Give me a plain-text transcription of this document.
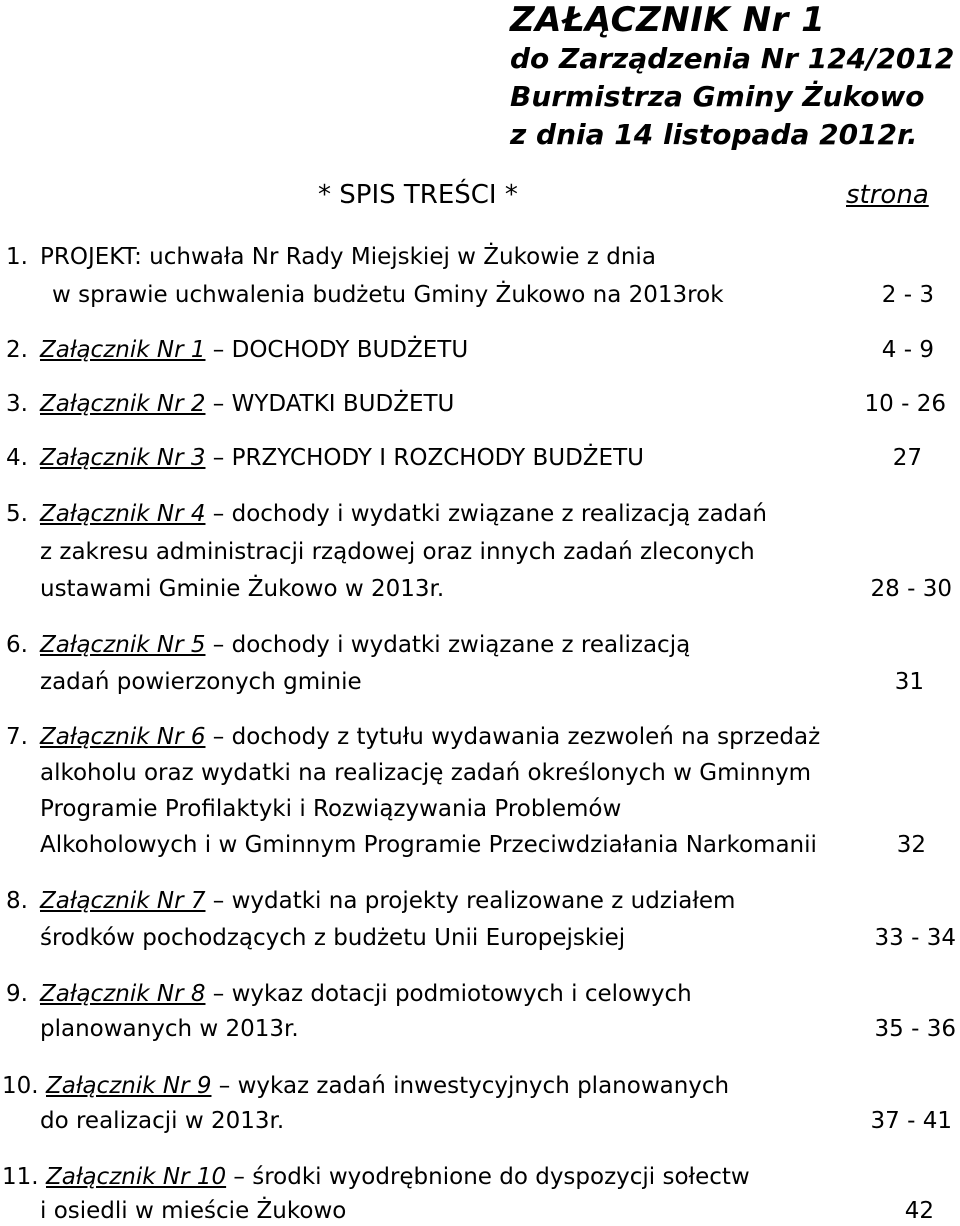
ZAŁĄCZNIK Nr 1
do Zarządzenia Nr 124/2012
Burmistrza Gminy Żukowo
z dnia 14 listopada 2012r.
* SPIS TREŚCI *	strona
1. PROJEKT: uchwała Nr Rady Miejskiej w Żukowie z dnia
w sprawie uchwalenia budżetu Gminy Żukowo na 2013rok	2 - 3
2. Załącznik Nr 1 – DOCHODY BUDŻETU	4 - 9
3. Załącznik Nr 2 – WYDATKI BUDŻETU	10 - 26
4. Załącznik Nr 3 – PRZYCHODY I ROZCHODY BUDŻETU	27
5. Załącznik Nr 4 – dochody i wydatki związane z realizacją zadań
z zakresu administracji rządowej oraz innych zadań zleconych
ustawami Gminie Żukowo w 2013r.	28 - 30
6. Załącznik Nr 5 – dochody i wydatki związane z realizacją
zadań powierzonych gminie	31
7. Załącznik Nr 6 – dochody z tytułu wydawania zezwoleń na sprzedaż
alkoholu oraz wydatki na realizację zadań określonych w Gminnym
Programie Profilaktyki i Rozwiązywania Problemów
Alkoholowych i w Gminnym Programie Przeciwdziałania Narkomanii	32
8. Załącznik Nr 7 – wydatki na projekty realizowane z udziałem
środków pochodzących z budżetu Unii Europejskiej	33 - 34
9. Załącznik Nr 8 – wykaz dotacji podmiotowych i celowych
planowanych w 2013r.	35 - 36
10. Załącznik Nr 9 – wykaz zadań inwestycyjnych planowanych
do realizacji w 2013r.	37 - 41
11. Załącznik Nr 10 – środki wyodrębnione do dyspozycji sołectw
i osiedli w mieście Żukowo	42
